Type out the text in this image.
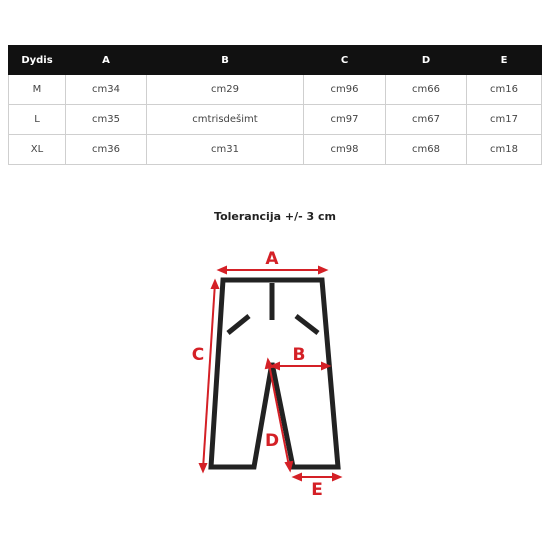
Dydis	A	B	C	D	E
M	cm34	cm29	cm96	cm66	cm16
L	cm35	cmtrisdešimt	cm97	cm67	cm17
XL	cm36	cm31	cm98	cm68	cm18
Tolerancija +/- 3 cm
A
C	B
D
E
